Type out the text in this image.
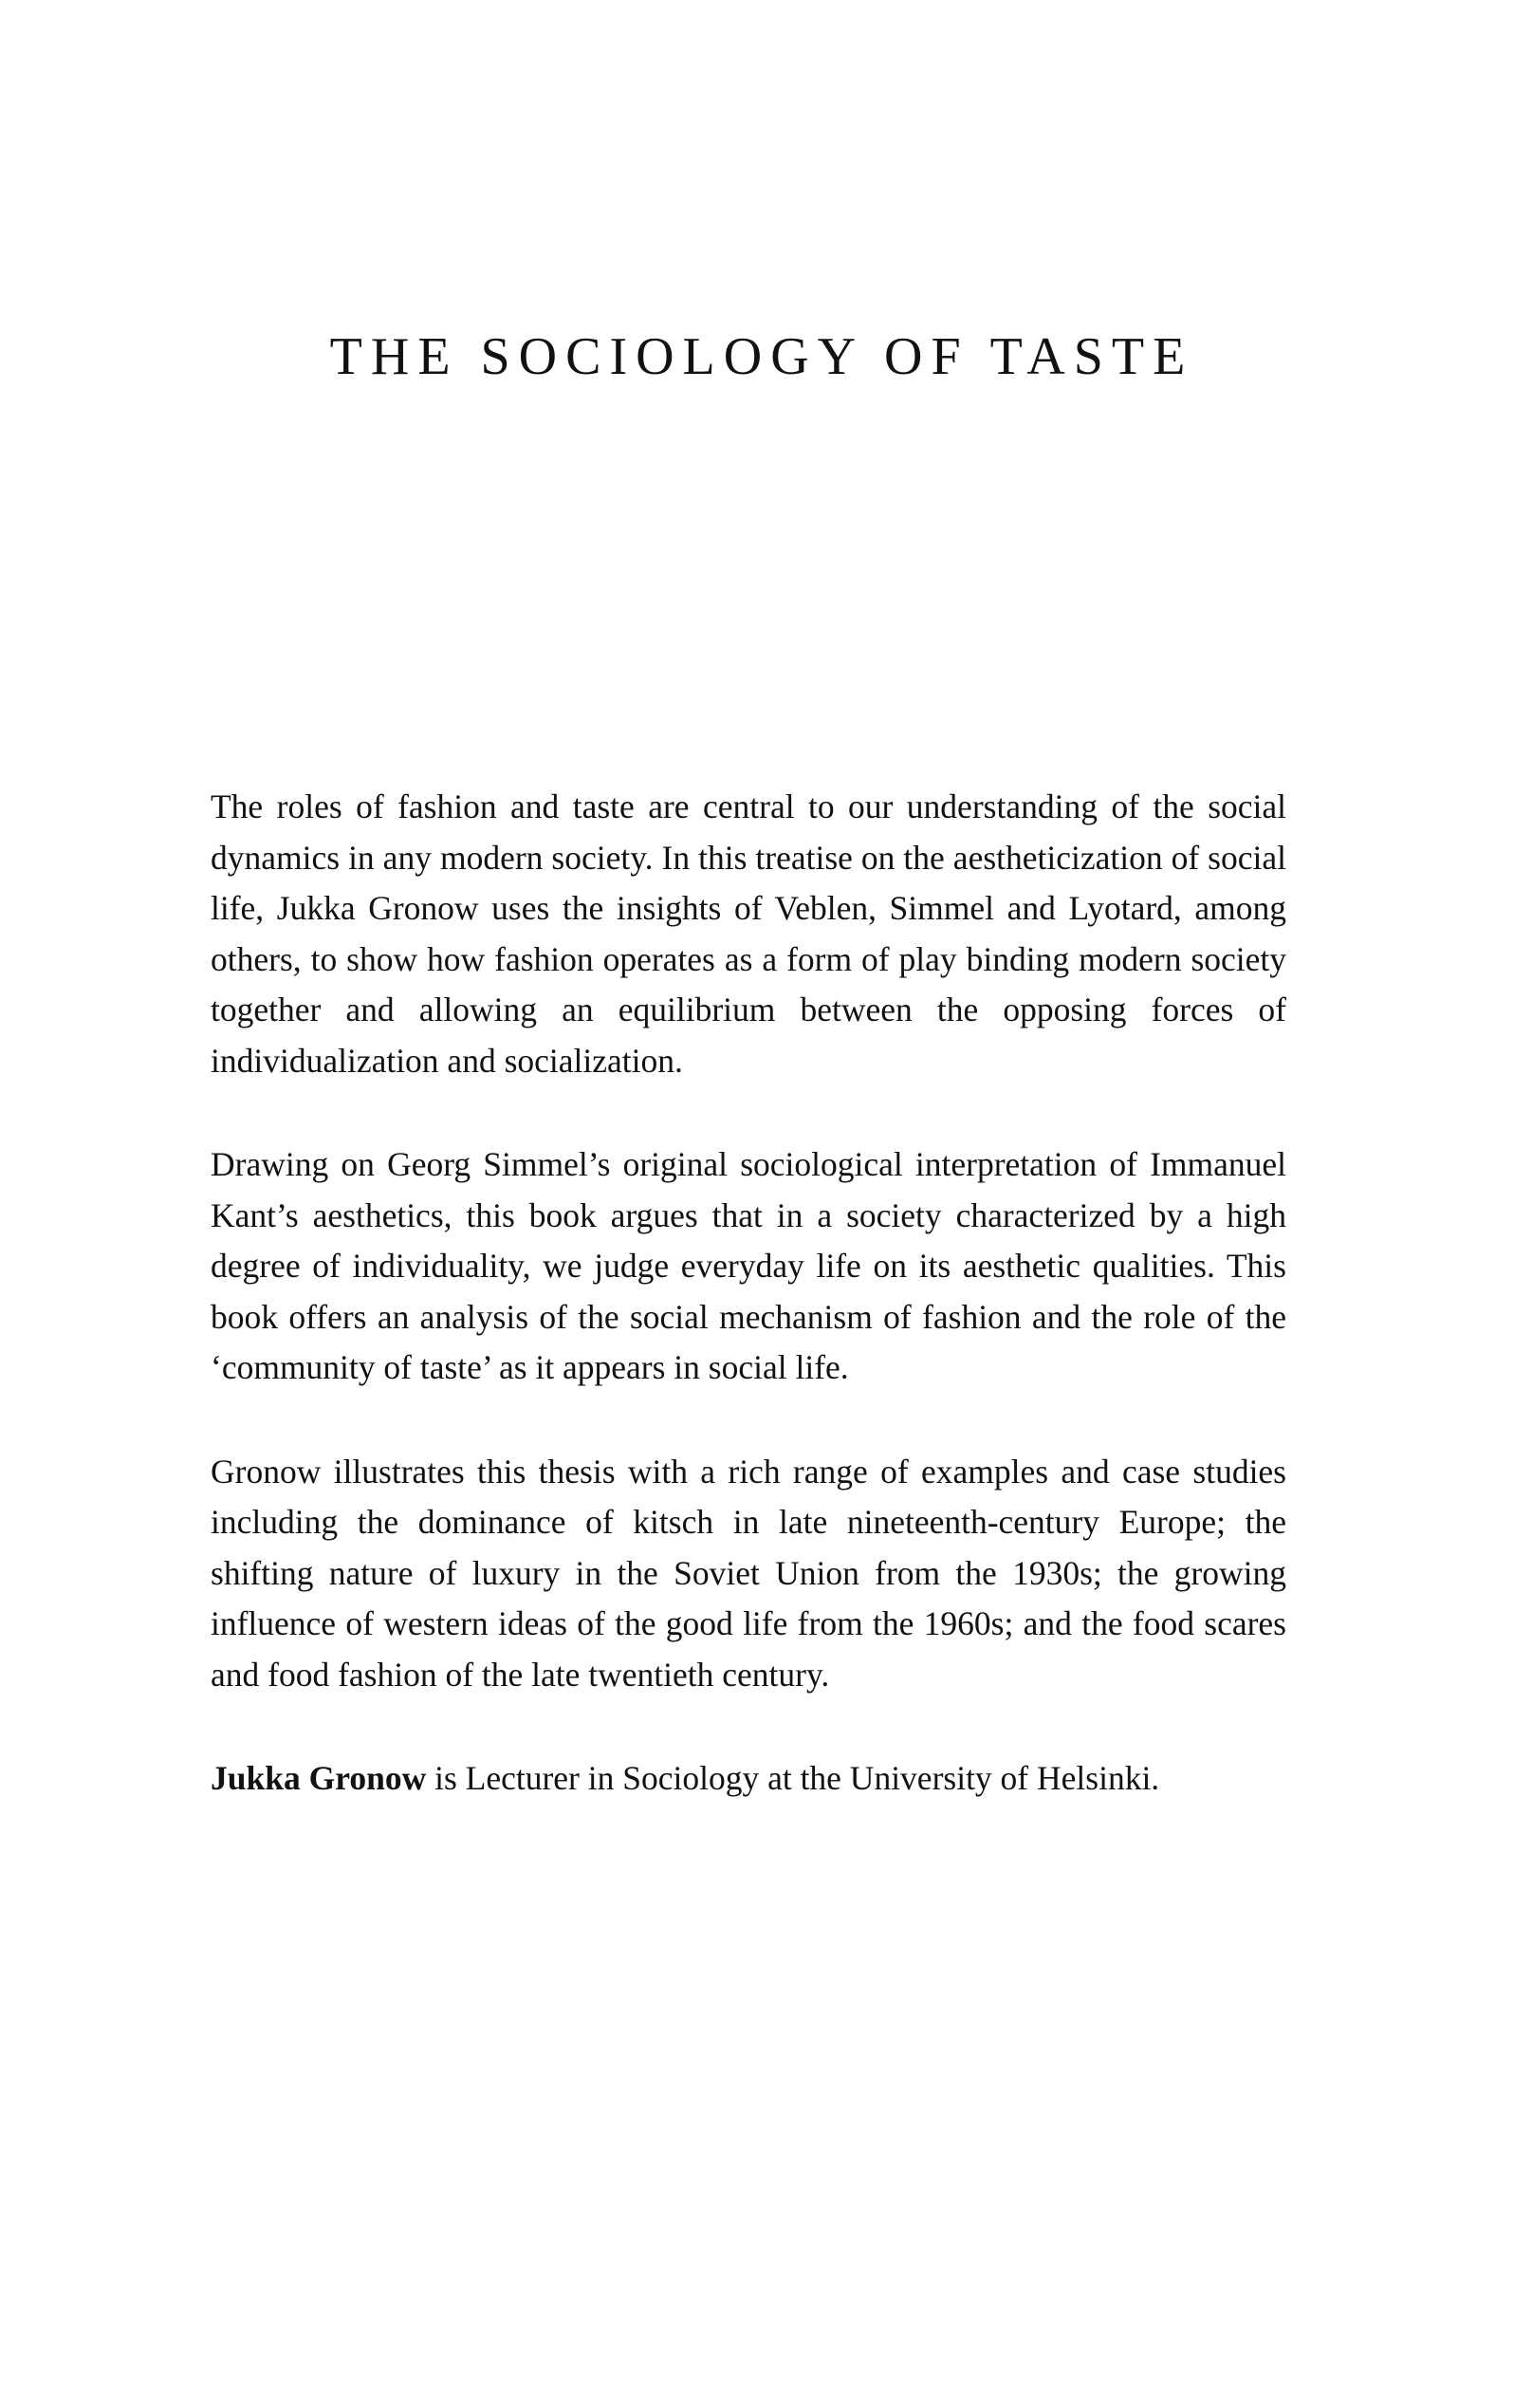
THE SOCIOLOGY OF TASTE

The roles of fashion and taste are central to our understanding of the social dynamics in any modern society. In this treatise on the aestheticization of social life, Jukka Gronow uses the insights of Veblen, Simmel and Lyotard, among others, to show how fashion operates as a form of play binding modern society together and allowing an equilibrium between the opposing forces of individualization and socialization.

Drawing on Georg Simmel’s original sociological interpretation of Immanuel Kant’s aesthetics, this book argues that in a society characterized by a high degree of individuality, we judge everyday life on its aesthetic qualities. This book offers an analysis of the social mechanism of fashion and the role of the ‘community of taste’ as it appears in social life.

Gronow illustrates this thesis with a rich range of examples and case studies including the dominance of kitsch in late nineteenth-century Europe; the shifting nature of luxury in the Soviet Union from the 1930s; the growing influence of western ideas of the good life from the 1960s; and the food scares and food fashion of the late twentieth century.

Jukka Gronow is Lecturer in Sociology at the University of Helsinki.
